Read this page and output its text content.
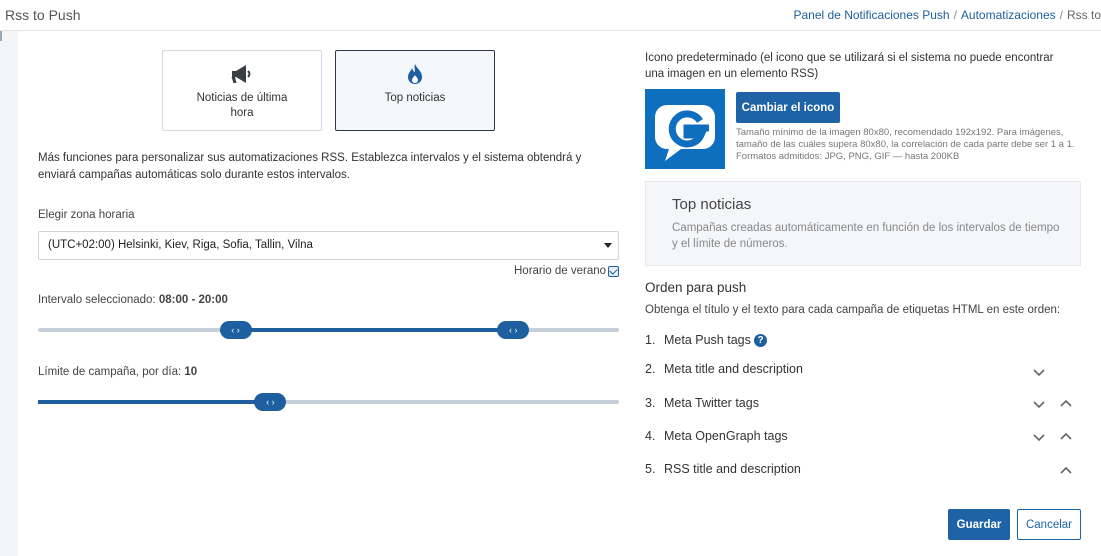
Rss to Push	Panel de Notificaciones Push / Automatizaciones / Rss to
Noticias de última hora
Top noticias

Más funciones para personalizar sus automatizaciones RSS. Establezca intervalos y el sistema obtendrá y enviará campañas automáticas solo durante estos intervalos.

Elegir zona horaria
(UTC+02:00) Helsinki, Kiev, Riga, Sofia, Tallin, Vilna
Horario de verano
Intervalo seleccionado: 08:00 - 20:00
‹ ›	‹ ›
Límite de campaña, por día: 10
‹ ›

Icono predeterminado (el icono que se utilizará si el sistema no puede encontrar una imagen en un elemento RSS)

Cambiar el icono
Tamaño mínimo de la imagen 80x80, recomendado 192x192. Para imágenes,
tamaño de las cuáles supera 80x80, la correlación de cada parte debe ser 1 a 1.
Formatos admitidos: JPG, PNG, GIF — hasta 200KB
Top noticias

Campañas creadas automáticamente en función de los intervalos de tiempo y el límite de números.

Orden para push
Obtenga el título y el texto para cada campaña de etiquetas HTML en este orden:
1. Meta Push tags ?
2. Meta title and description
3. Meta Twitter tags
4. Meta OpenGraph tags
5. RSS title and description
Guardar	Cancelar
